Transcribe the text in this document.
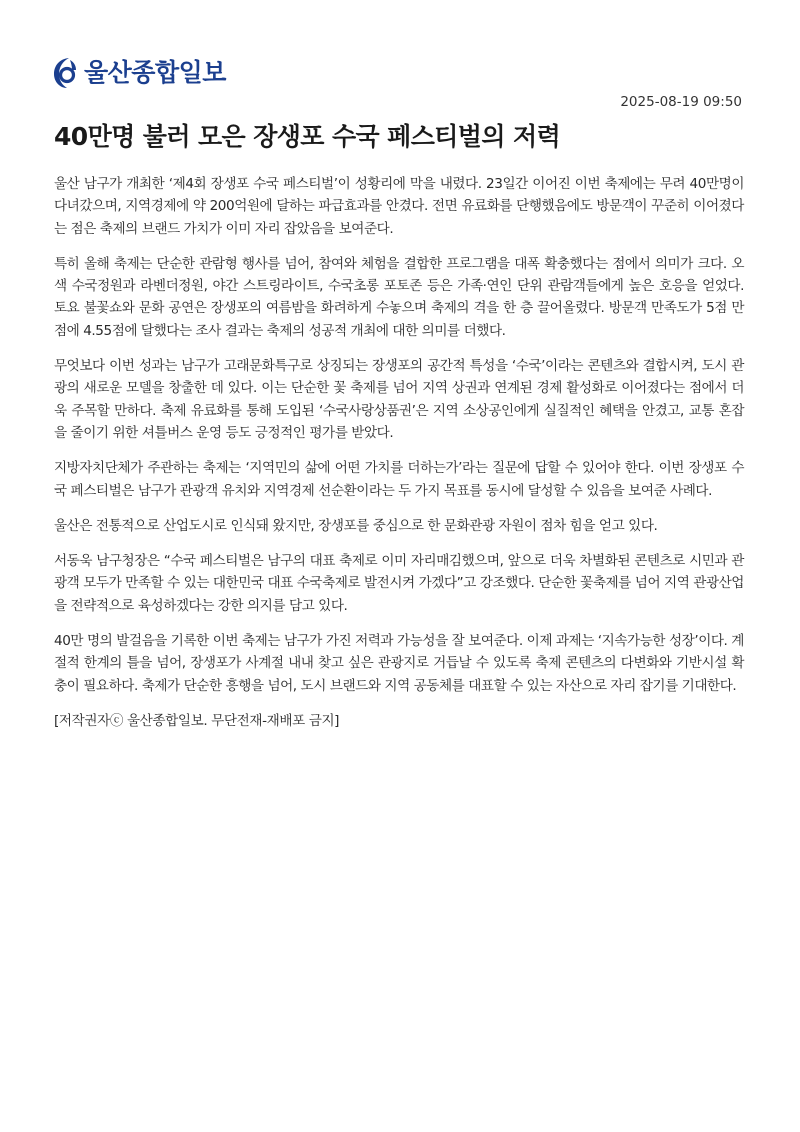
울산종합일보
2025-08-19 09:50
40만명 불러 모은 장생포 수국 페스티벌의 저력

울산 남구가 개최한 ‘제4회 장생포 수국 페스티벌’이 성황리에 막을 내렸다. 23일간 이어진 이번 축제에는 무려 40만명이 다녀갔으며, 지역경제에 약 200억원에 달하는 파급효과를 안겼다. 전면 유료화를 단행했음에도 방문객이 꾸준히 이어졌다는 점은 축제의 브랜드 가치가 이미 자리 잡았음을 보여준다.

특히 올해 축제는 단순한 관람형 행사를 넘어, 참여와 체험을 결합한 프로그램을 대폭 확충했다는 점에서 의미가 크다. 오색 수국정원과 라벤더정원, 야간 스트링라이트, 수국초롱 포토존 등은 가족·연인 단위 관람객들에게 높은 호응을 얻었다. 토요 불꽃쇼와 문화 공연은 장생포의 여름밤을 화려하게 수놓으며 축제의 격을 한 층 끌어올렸다. 방문객 만족도가 5점 만점에 4.55점에 달했다는 조사 결과는 축제의 성공적 개최에 대한 의미를 더했다.

무엇보다 이번 성과는 남구가 고래문화특구로 상징되는 장생포의 공간적 특성을 ‘수국’이라는 콘텐츠와 결합시켜, 도시 관광의 새로운 모델을 창출한 데 있다. 이는 단순한 꽃 축제를 넘어 지역 상권과 연계된 경제 활성화로 이어졌다는 점에서 더욱 주목할 만하다. 축제 유료화를 통해 도입된 ‘수국사랑상품권’은 지역 소상공인에게 실질적인 혜택을 안겼고, 교통 혼잡을 줄이기 위한 셔틀버스 운영 등도 긍정적인 평가를 받았다.

지방자치단체가 주관하는 축제는 ‘지역민의 삶에 어떤 가치를 더하는가’라는 질문에 답할 수 있어야 한다. 이번 장생포 수국 페스티벌은 남구가 관광객 유치와 지역경제 선순환이라는 두 가지 목표를 동시에 달성할 수 있음을 보여준 사례다.

울산은 전통적으로 산업도시로 인식돼 왔지만, 장생포를 중심으로 한 문화관광 자원이 점차 힘을 얻고 있다.

서동욱 남구청장은 “수국 페스티벌은 남구의 대표 축제로 이미 자리매김했으며, 앞으로 더욱 차별화된 콘텐츠로 시민과 관광객 모두가 만족할 수 있는 대한민국 대표 수국축제로 발전시켜 가겠다”고 강조했다. 단순한 꽃축제를 넘어 지역 관광산업을 전략적으로 육성하겠다는 강한 의지를 담고 있다.

40만 명의 발걸음을 기록한 이번 축제는 남구가 가진 저력과 가능성을 잘 보여준다. 이제 과제는 ‘지속가능한 성장’이다. 계절적 한계의 틀을 넘어, 장생포가 사계절 내내 찾고 싶은 관광지로 거듭날 수 있도록 축제 콘텐츠의 다변화와 기반시설 확충이 필요하다. 축제가 단순한 흥행을 넘어, 도시 브랜드와 지역 공동체를 대표할 수 있는 자산으로 자리 잡기를 기대한다.

[저작권자ⓒ 울산종합일보. 무단전재-재배포 금지]
